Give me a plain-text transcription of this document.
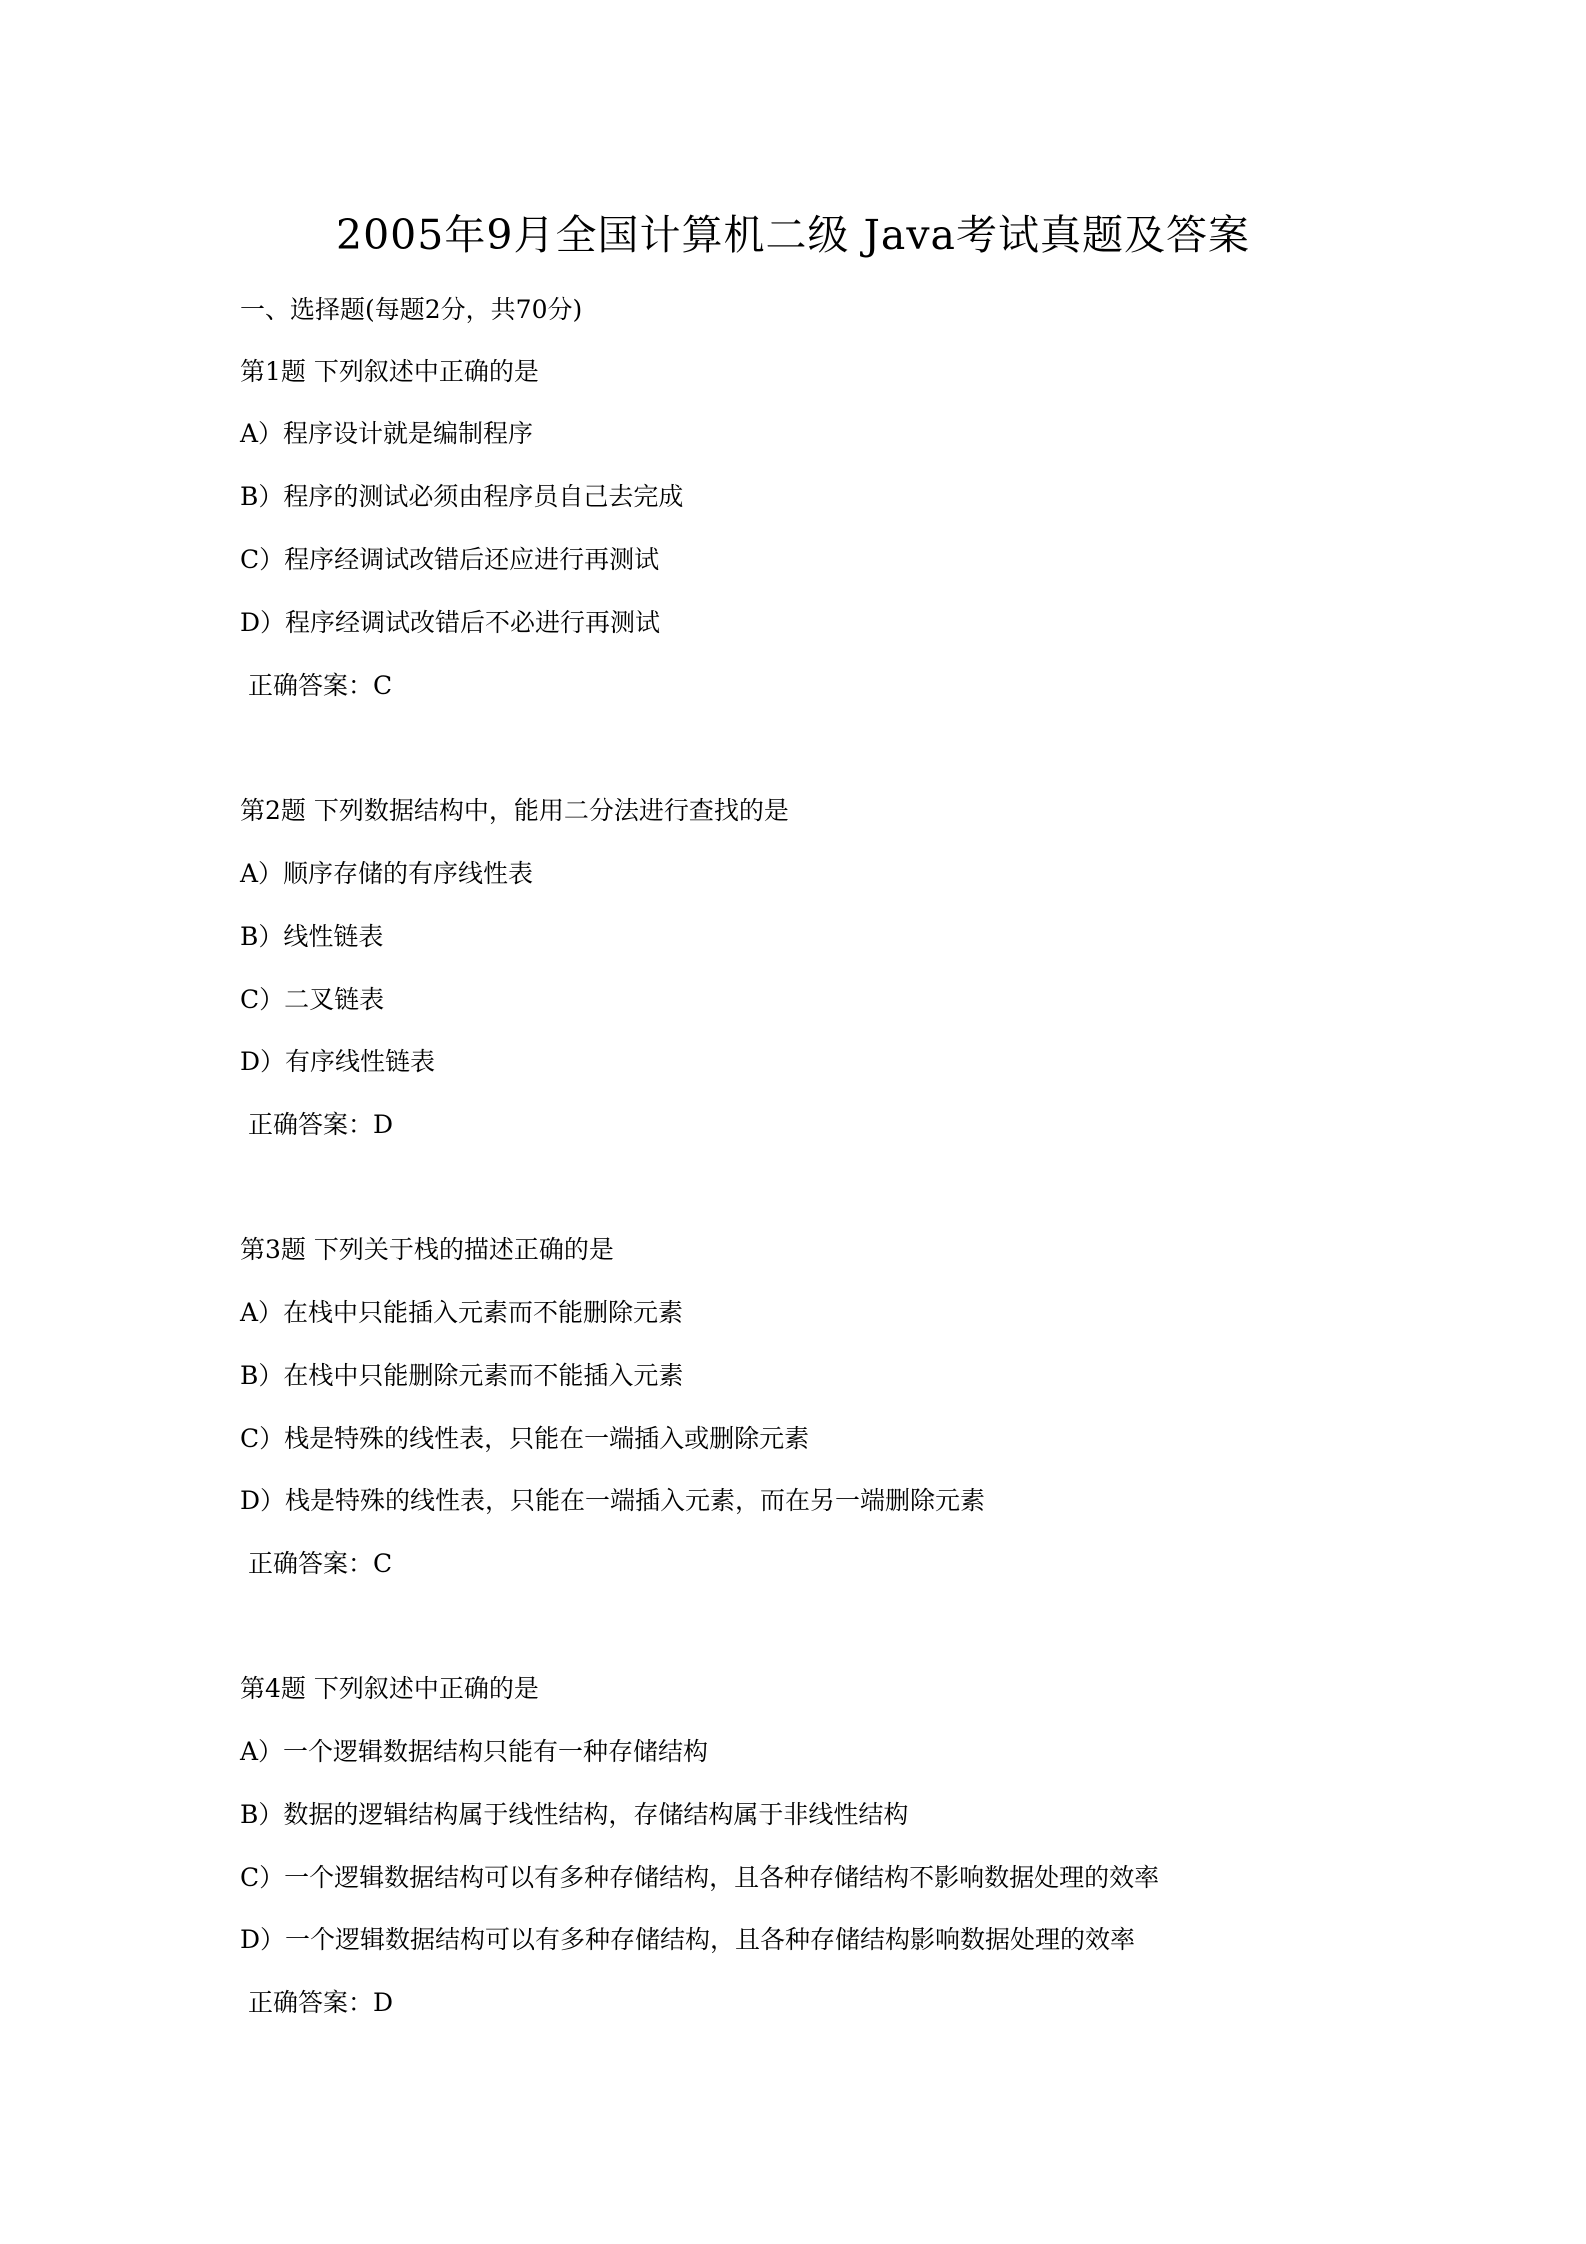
2005年9月全国计算机二级 Java考试真题及答案
一、选择题(每题2分，共70分)
第1题 下列叙述中正确的是
A）程序设计就是编制程序
B）程序的测试必须由程序员自己去完成
C）程序经调试改错后还应进行再测试
D）程序经调试改错后不必进行再测试
正确答案：C
第2题 下列数据结构中，能用二分法进行查找的是
A）顺序存储的有序线性表
B）线性链表
C）二叉链表
D）有序线性链表
正确答案：D
第3题 下列关于栈的描述正确的是
A）在栈中只能插入元素而不能删除元素
B）在栈中只能删除元素而不能插入元素
C）栈是特殊的线性表，只能在一端插入或删除元素
D）栈是特殊的线性表，只能在一端插入元素，而在另一端删除元素
正确答案：C
第4题 下列叙述中正确的是
A）一个逻辑数据结构只能有一种存储结构
B）数据的逻辑结构属于线性结构，存储结构属于非线性结构
C）一个逻辑数据结构可以有多种存储结构，且各种存储结构不影响数据处理的效率
D）一个逻辑数据结构可以有多种存储结构，且各种存储结构影响数据处理的效率
正确答案：D
